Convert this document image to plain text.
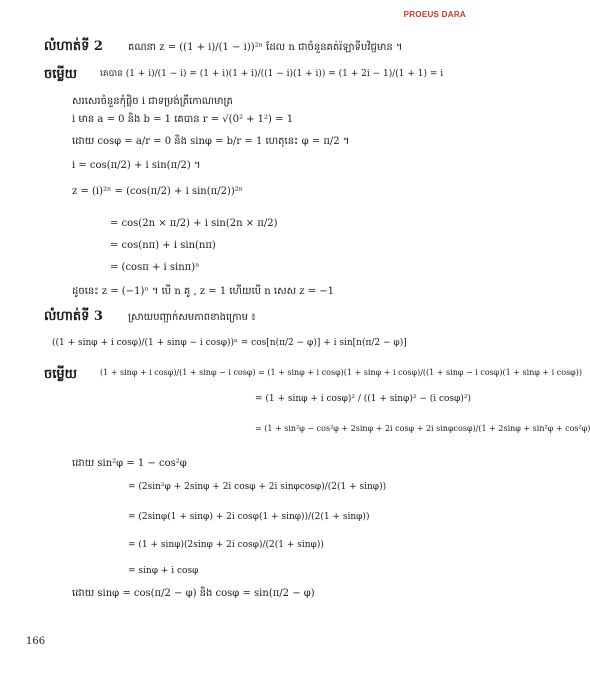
PROEUS DARA
លំហាត់ទី 2	គណនា z = ((1 + i)/(1 − i))²ⁿ ដែល n ជាចំនួនគត់រ៉ឡាទីបវិជ្ជមាន ។
ចម្លើយ	គេបាន (1 + i)/(1 − i) = (1 + i)(1 + i)/((1 − i)(1 + i)) = (1 + 2i − 1)/(1 + 1) = i
សរសេរចំនួនកុំផ្លិច i ជាទម្រង់ត្រីកោណមាត្រ
i មាន a = 0 និង b = 1 គេបាន r = √(0² + 1²) = 1
ដោយ cosφ = a/r = 0 និង sinφ = b/r = 1 ហេតុនេះ φ = π/2 ។
i = cos(π/2) + i sin(π/2) ។
z = (i)²ⁿ = (cos(π/2) + i sin(π/2))²ⁿ
= cos(2n × π/2) + i sin(2n × π/2)
= cos(nπ) + i sin(nπ)
= (cosπ + i sinπ)ⁿ
ដូចនេះ z = (−1)ⁿ ។ បើ n គូ , z = 1 ហើយបើ n សេស z = −1
លំហាត់ទី 3	ស្រាយបញ្ជាក់សមភាពខាងក្រោម ៖
((1 + sinφ + i cosφ)/(1 + sinφ − i cosφ))ⁿ = cos[n(π/2 − φ)] + i sin[n(π/2 − φ)]
ចម្លើយ	(1 + sinφ + i cosφ)/(1 + sinφ − i cosφ) = (1 + sinφ + i cosφ)(1 + sinφ + i cosφ)/((1 + sinφ − i cosφ)(1 + sinφ + i cosφ))
= (1 + sinφ + i cosφ)² / ((1 + sinφ)² − (i cosφ)²)
= (1 + sin²φ − cos²φ + 2sinφ + 2i cosφ + 2i sinφcosφ)/(1 + 2sinφ + sin²φ + cos²φ)
ដោយ sin²φ = 1 − cos²φ
= (2sin²φ + 2sinφ + 2i cosφ + 2i sinφcosφ)/(2(1 + sinφ))
= (2sinφ(1 + sinφ) + 2i cosφ(1 + sinφ))/(2(1 + sinφ))
= (1 + sinφ)(2sinφ + 2i cosφ)/(2(1 + sinφ))
= sinφ + i cosφ
ដោយ sinφ = cos(π/2 − φ) និង cosφ = sin(π/2 − φ)
166
